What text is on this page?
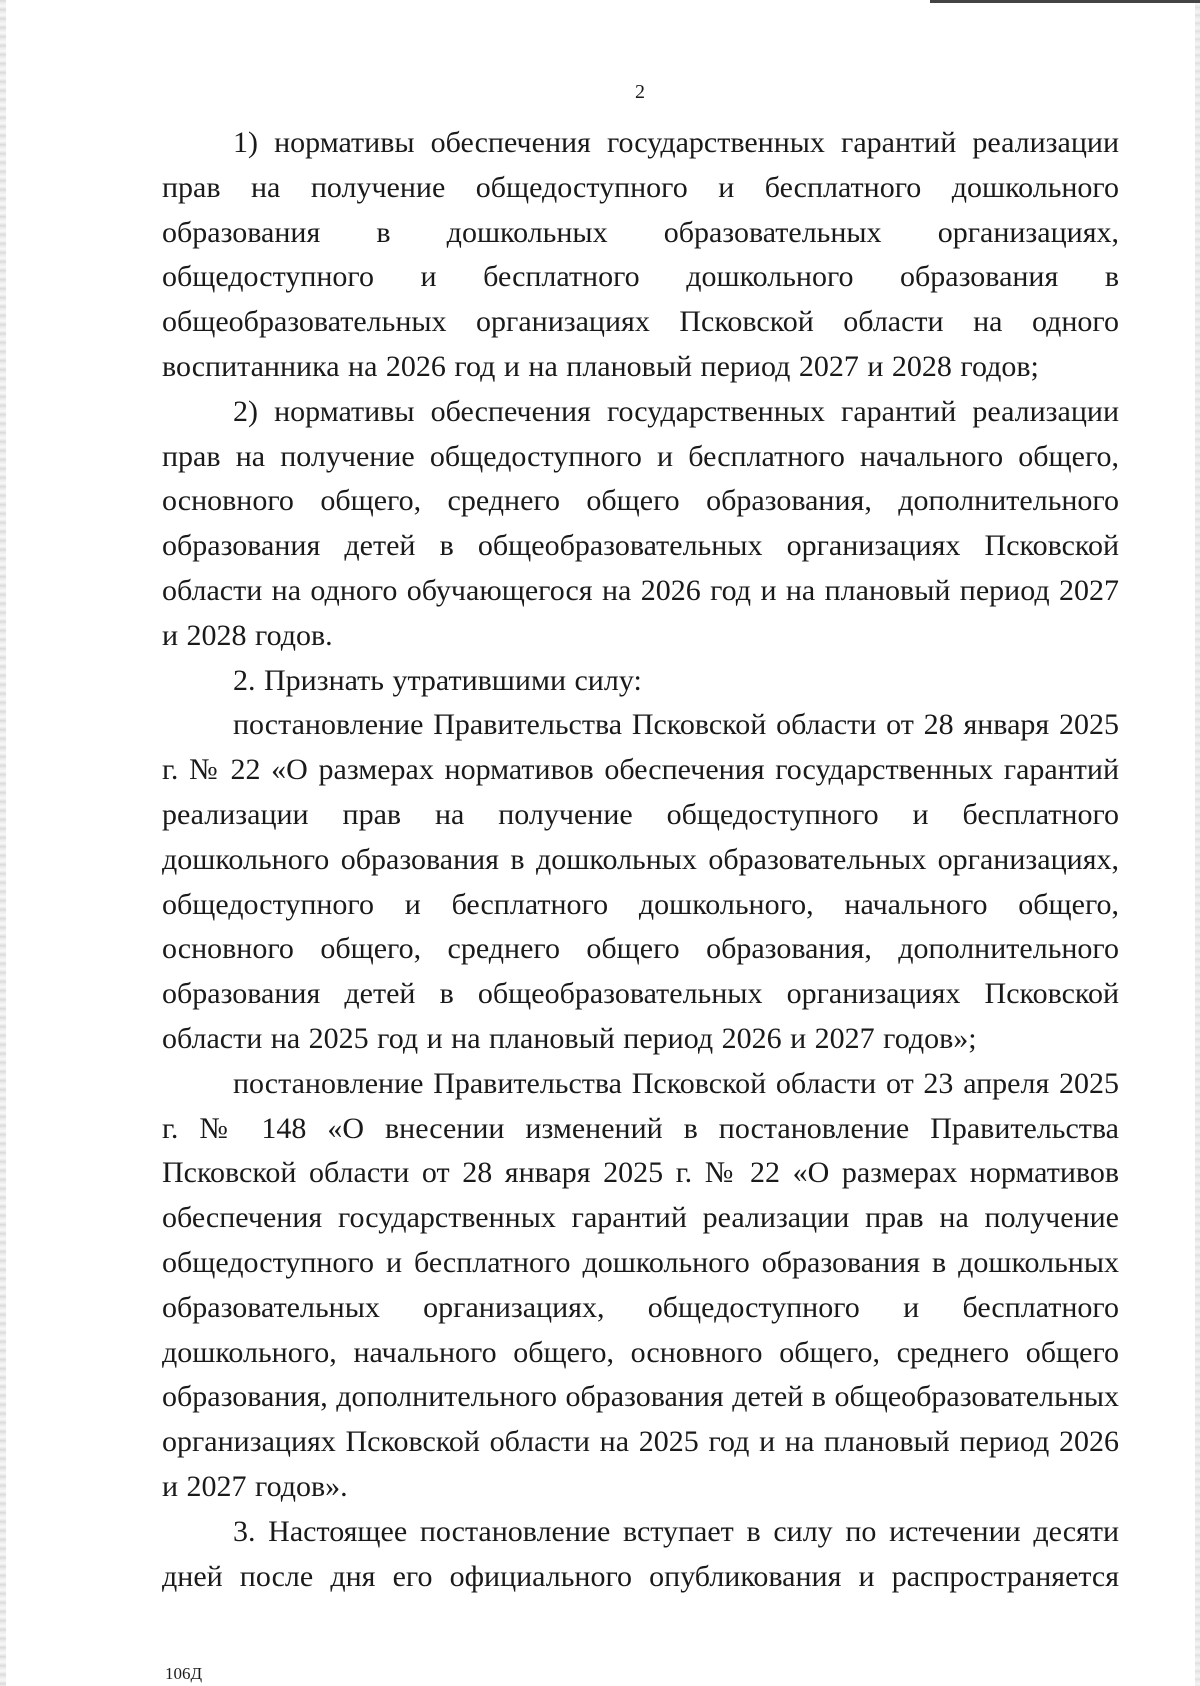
2

1) нормативы обеспечения государственных гарантий реализации прав на получение общедоступного и бесплатного дошкольного образования в дошкольных образовательных организациях, общедоступного и бесплатного дошкольного образования в общеобразовательных организациях Псковской области на одного воспитанника на 2026 год и на плановый период 2027 и 2028 годов;

2) нормативы обеспечения государственных гарантий реализации прав на получение общедоступного и бесплатного начального общего, основного общего, среднего общего образования, дополнительного образования детей в общеобразовательных организациях Псковской области на одного обучающегося на 2026 год и на плановый период 2027 и 2028 годов.

2. Признать утратившими силу:

постановление Правительства Псковской области от 28 января 2025 г. № 22 «О размерах нормативов обеспечения государственных гарантий реализации прав на получение общедоступного и бесплатного дошкольного образования в дошкольных образовательных организациях, общедоступного и бесплатного дошкольного, начального общего, основного общего, среднего общего образования, дополнительного образования детей в общеобразовательных организациях Псковской области на 2025 год и на плановый период 2026 и 2027 годов»;

постановление Правительства Псковской области от 23 апреля 2025 г. № 148 «О внесении изменений в постановление Правительства Псковской области от 28 января 2025 г. № 22 «О размерах нормативов обеспечения государственных гарантий реализации прав на получение общедоступного и бесплатного дошкольного образования в дошкольных образовательных организациях, общедоступного и бесплатного дошкольного, начального общего, основного общего, среднего общего образования, дополнительного образования детей в общеобразовательных организациях Псковской области на 2025 год и на плановый период 2026 и 2027 годов».

3. Настоящее постановление вступает в силу по истечении десяти дней после дня его официального опубликования и распространяется

106Д
